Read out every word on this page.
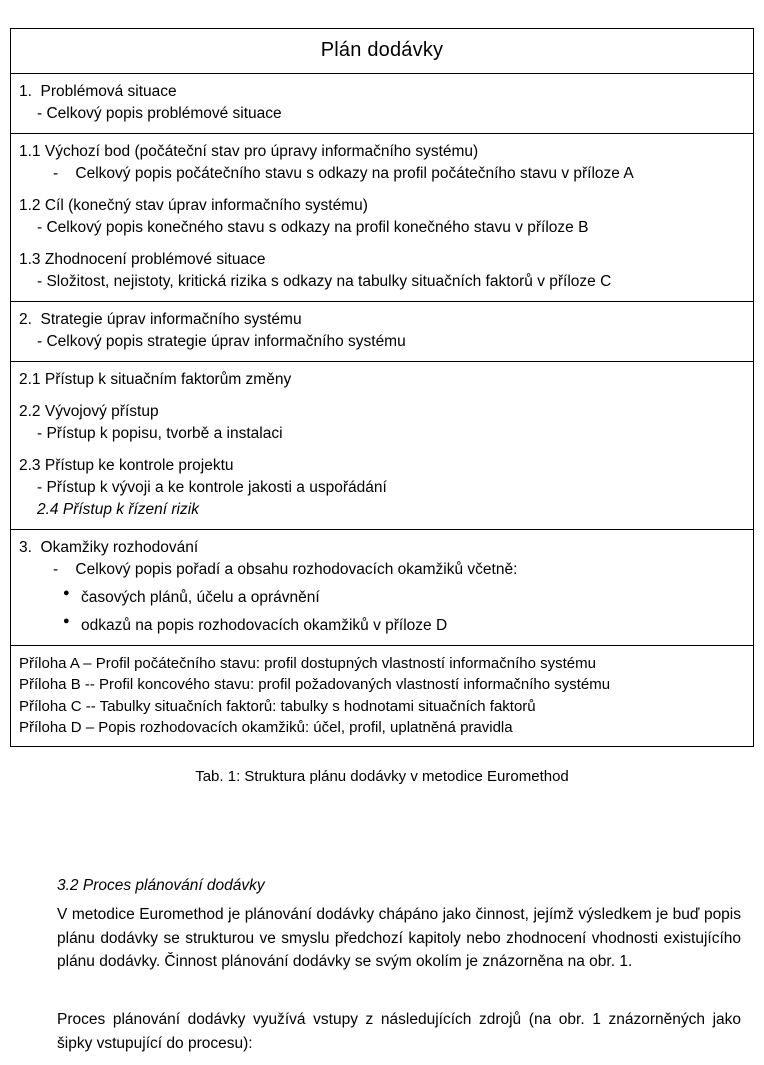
Plán dodávky
1.  Problémová situace
- Celkový popis problémové situace
1.1 Výchozí bod (počáteční stav pro úpravy informačního systému)
-    Celkový popis počátečního stavu s odkazy na profil počátečního stavu v příloze A
1.2 Cíl (konečný stav úprav informačního systému)
- Celkový popis konečného stavu s odkazy na profil konečného stavu v příloze B
1.3 Zhodnocení problémové situace
- Složitost, nejistoty, kritická rizika s odkazy na tabulky situačních faktorů v příloze C
2.  Strategie úprav informačního systému
- Celkový popis strategie úprav informačního systému
2.1 Přístup k situačním faktorům změny
2.2 Vývojový přístup
- Přístup k popisu, tvorbě a instalaci
2.3 Přístup ke kontrole projektu
- Přístup k vývoji a ke kontrole jakosti a uspořádání
2.4 Přístup k řízení rizik
3.  Okamžiky rozhodování
-    Celkový popis pořadí a obsahu rozhodovacích okamžiků včetně:
● časových plánů, účelu a oprávnění
● odkazů na popis rozhodovacích okamžiků v příloze D
Příloha A – Profil počátečního stavu: profil dostupných vlastností informačního systému
Příloha B -- Profil koncového stavu: profil požadovaných vlastností informačního systému
Příloha C -- Tabulky situačních faktorů: tabulky s hodnotami situačních faktorů
Příloha D – Popis rozhodovacích okamžiků: účel, profil, uplatněná pravidla
Tab. 1: Struktura plánu dodávky v metodice Euromethod
3.2 Proces plánování dodávky
V metodice Euromethod je plánování dodávky chápáno jako činnost, jejímž výsledkem je buď popis plánu dodávky se strukturou ve smyslu předchozí kapitoly nebo zhodnocení vhodnosti existujícího plánu dodávky. Činnost plánování dodávky se svým okolím je znázorněna na obr. 1.
Proces plánování dodávky využívá vstupy z následujících zdrojů (na obr. 1 znázorněných jako šipky vstupující do procesu):
